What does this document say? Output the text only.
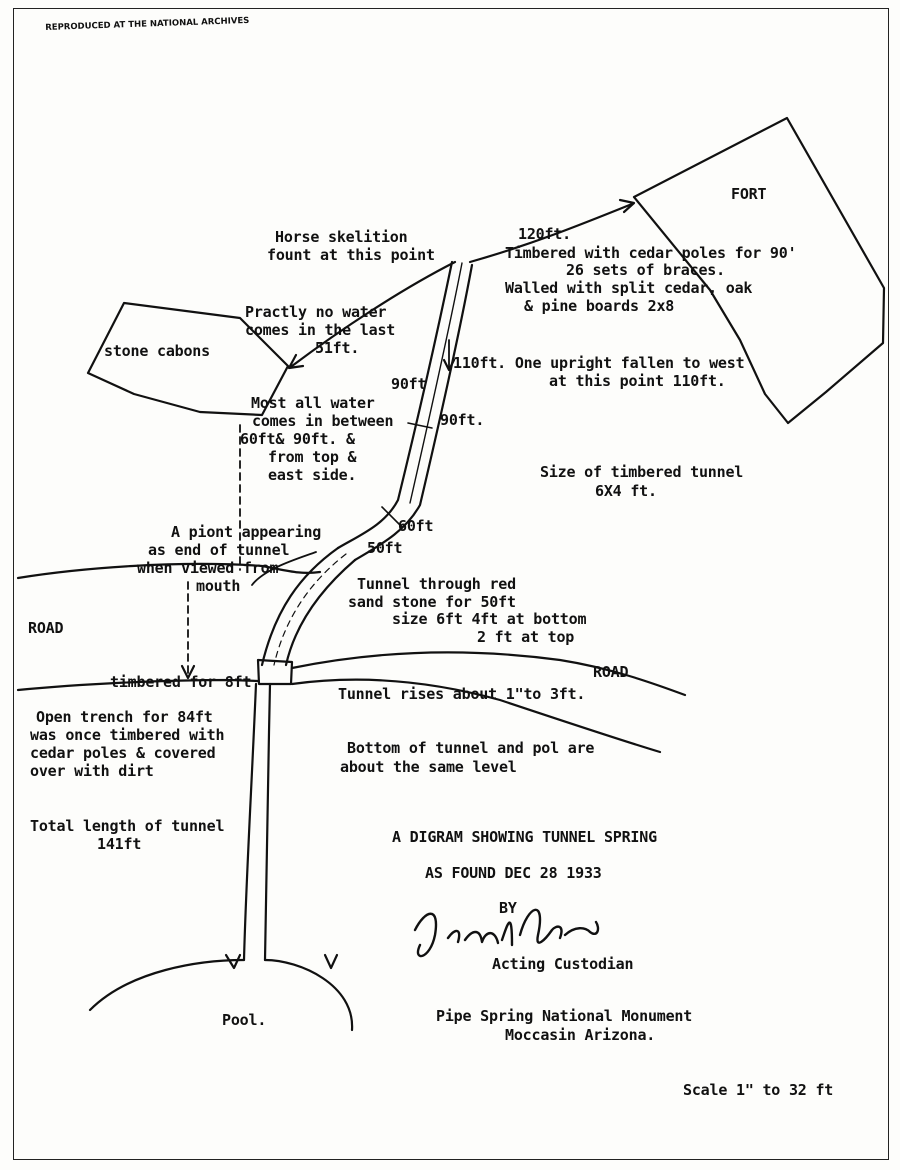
REPRODUCED AT THE NATIONAL ARCHIVES
FORT
Horse skelition
fount at this point
120ft.
Timbered with cedar poles for 90'
26 sets of braces.
Walled with split cedar, oak
& pine boards 2x8
Practly no water
comes in the last
51ft.
stone cabons
110ft. One upright fallen to west
at this point 110ft.
90ft
Most all water
comes in between
60ft& 90ft. &
from top &
east side.
90ft.
Size of timbered tunnel
6X4 ft.
A piont appearing
as end of tunnel
when viewed from
mouth
60ft
50ft
Tunnel through red
sand stone for 50ft
size 6ft 4ft at bottom
2 ft at top
ROAD
ROAD
timbered for 8ft
Tunnel rises about 1"to 3ft.
Open trench for 84ft
was once timbered with
cedar poles & covered
over with dirt
Bottom of tunnel and pol are
about the same level
Total length of tunnel
141ft	A DIGRAM SHOWING TUNNEL SPRING
AS FOUND DEC 28 1933
BY
Acting Custodian
Pool.	Pipe Spring National Monument
Moccasin Arizona.
Scale 1" to 32 ft
